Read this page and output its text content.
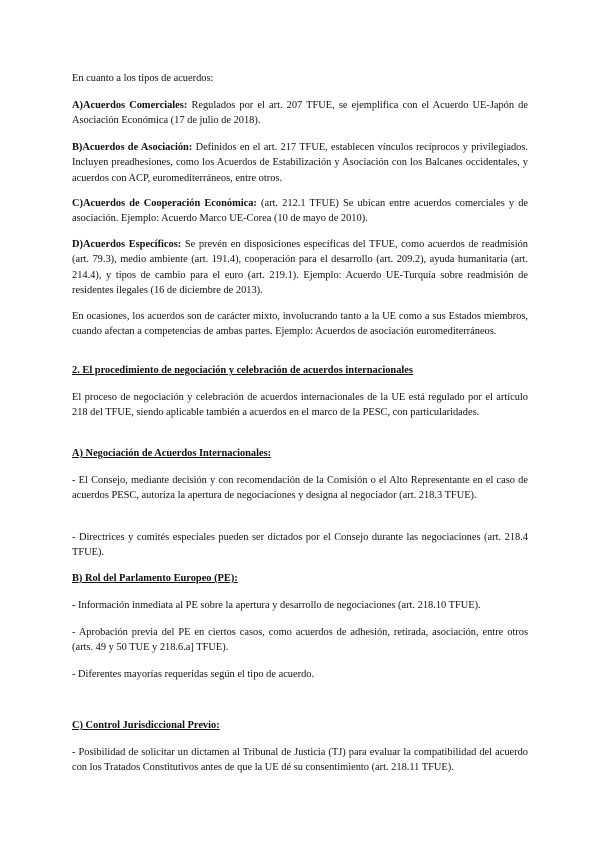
En cuanto a los tipos de acuerdos:

A)Acuerdos Comerciales: Regulados por el art. 207 TFUE, se ejemplifica con el Acuerdo UE-Japón de Asociación Económica (17 de julio de 2018).

B)Acuerdos de Asociación: Definidos en el art. 217 TFUE, establecen vínculos recíprocos y privilegiados. Incluyen preadhesiones, como los Acuerdos de Estabilización y Asociación con los Balcanes occidentales, y acuerdos con ACP, euromediterráneos, entre otros.

C)Acuerdos de Cooperación Económica: (art. 212.1 TFUE) Se ubican entre acuerdos comerciales y de asociación. Ejemplo: Acuerdo Marco UE-Corea (10 de mayo de 2010).

D)Acuerdos Específicos: Se prevén en disposiciones específicas del TFUE, como acuerdos de readmisión (art. 79.3), medio ambiente (art. 191.4), cooperación para el desarrollo (art. 209.2), ayuda humanitaria (art. 214.4), y tipos de cambio para el euro (art. 219.1). Ejemplo: Acuerdo UE-Turquía sobre readmisión de residentes ilegales (16 de diciembre de 2013).

En ocasiones, los acuerdos son de carácter mixto, involucrando tanto a la UE como a sus Estados miembros, cuando afectan a competencias de ambas partes. Ejemplo: Acuerdos de asociación euromediterráneos.

2. El procedimiento de negociación y celebración de acuerdos internacionales

El proceso de negociación y celebración de acuerdos internacionales de la UE está regulado por el artículo 218 del TFUE, siendo aplicable también a acuerdos en el marco de la PESC, con particularidades.

A) Negociación de Acuerdos Internacionales:

- El Consejo, mediante decisión y con recomendación de la Comisión o el Alto Representante en el caso de acuerdos PESC, autoriza la apertura de negociaciones y designa al negociador (art. 218.3 TFUE).

- Directrices y comités especiales pueden ser dictados por el Consejo durante las negociaciones (art. 218.4 TFUE).

B) Rol del Parlamento Europeo (PE):

- Información inmediata al PE sobre la apertura y desarrollo de negociaciones (art. 218.10 TFUE).

- Aprobación previa del PE en ciertos casos, como acuerdos de adhesión, retirada, asociación, entre otros (arts. 49 y 50 TUE y 218.6.a] TFUE).

- Diferentes mayorías requeridas según el tipo de acuerdo.

C) Control Jurisdiccional Previo:

- Posibilidad de solicitar un dictamen al Tribunal de Justicia (TJ) para evaluar la compatibilidad del acuerdo con los Tratados Constitutivos antes de que la UE dé su consentimiento (art. 218.11 TFUE).
